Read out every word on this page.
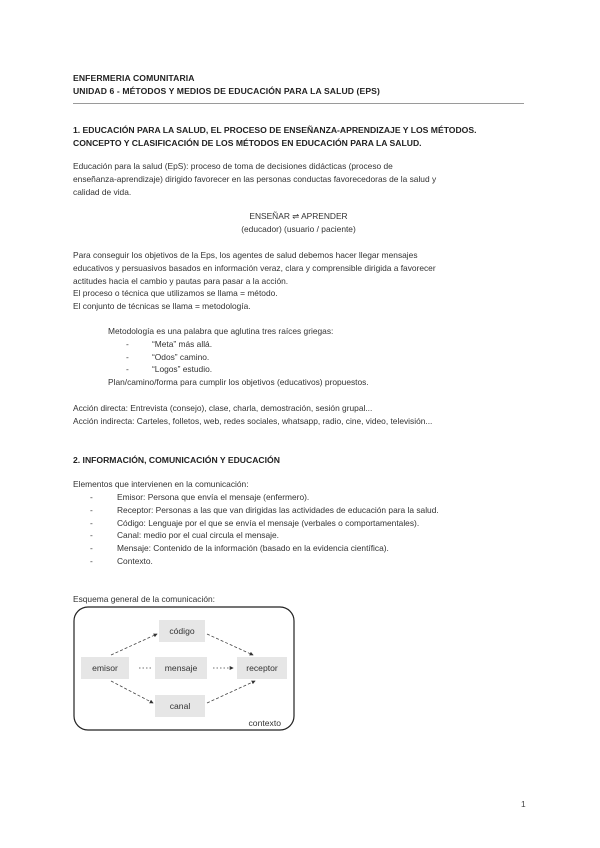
ENFERMERIA COMUNITARIA
UNIDAD 6 - MÉTODOS Y MEDIOS DE EDUCACIÓN PARA LA SALUD (EPS)
1. EDUCACIÓN PARA LA SALUD, EL PROCESO DE ENSEÑANZA-APRENDIZAJE Y LOS MÉTODOS.
CONCEPTO Y CLASIFICACIÓN DE LOS MÉTODOS EN EDUCACIÓN PARA LA SALUD.
Educación para la salud (EpS): proceso de toma de decisiones didácticas (proceso de
enseñanza-aprendizaje) dirigido favorecer en las personas conductas favorecedoras de la salud y
calidad de vida.
ENSEÑAR ⇌ APRENDER
(educador) (usuario / paciente)
Para conseguir los objetivos de la Eps, los agentes de salud debemos hacer llegar mensajes
educativos y persuasivos basados en información veraz, clara y comprensible dirigida a favorecer
actitudes hacia el cambio y pautas para pasar a la acción.
El proceso o técnica que utilizamos se llama = método.
El conjunto de técnicas se llama = metodología.
Metodología es una palabra que aglutina tres raíces griegas:
-	“Meta” más allá.
-	“Odos” camino.
-	“Logos” estudio.
Plan/camino/forma para cumplir los objetivos (educativos) propuestos.
Acción directa: Entrevista (consejo), clase, charla, demostración, sesión grupal...
Acción indirecta: Carteles, folletos, web, redes sociales, whatsapp, radio, cine, video, televisión...
2. INFORMACIÓN, COMUNICACIÓN Y EDUCACIÓN
Elementos que intervienen en la comunicación:
-	Emisor: Persona que envía el mensaje (enfermero).
-	Receptor: Personas a las que van dirigidas las actividades de educación para la salud.
-	Código: Lenguaje por el que se envía el mensaje (verbales o comportamentales).
-	Canal: medio por el cual circula el mensaje.
-	Mensaje: Contenido de la información (basado en la evidencia científica).
-	Contexto.
Esquema general de la comunicación:
código
emisor	mensaje	receptor
canal
contexto
1
